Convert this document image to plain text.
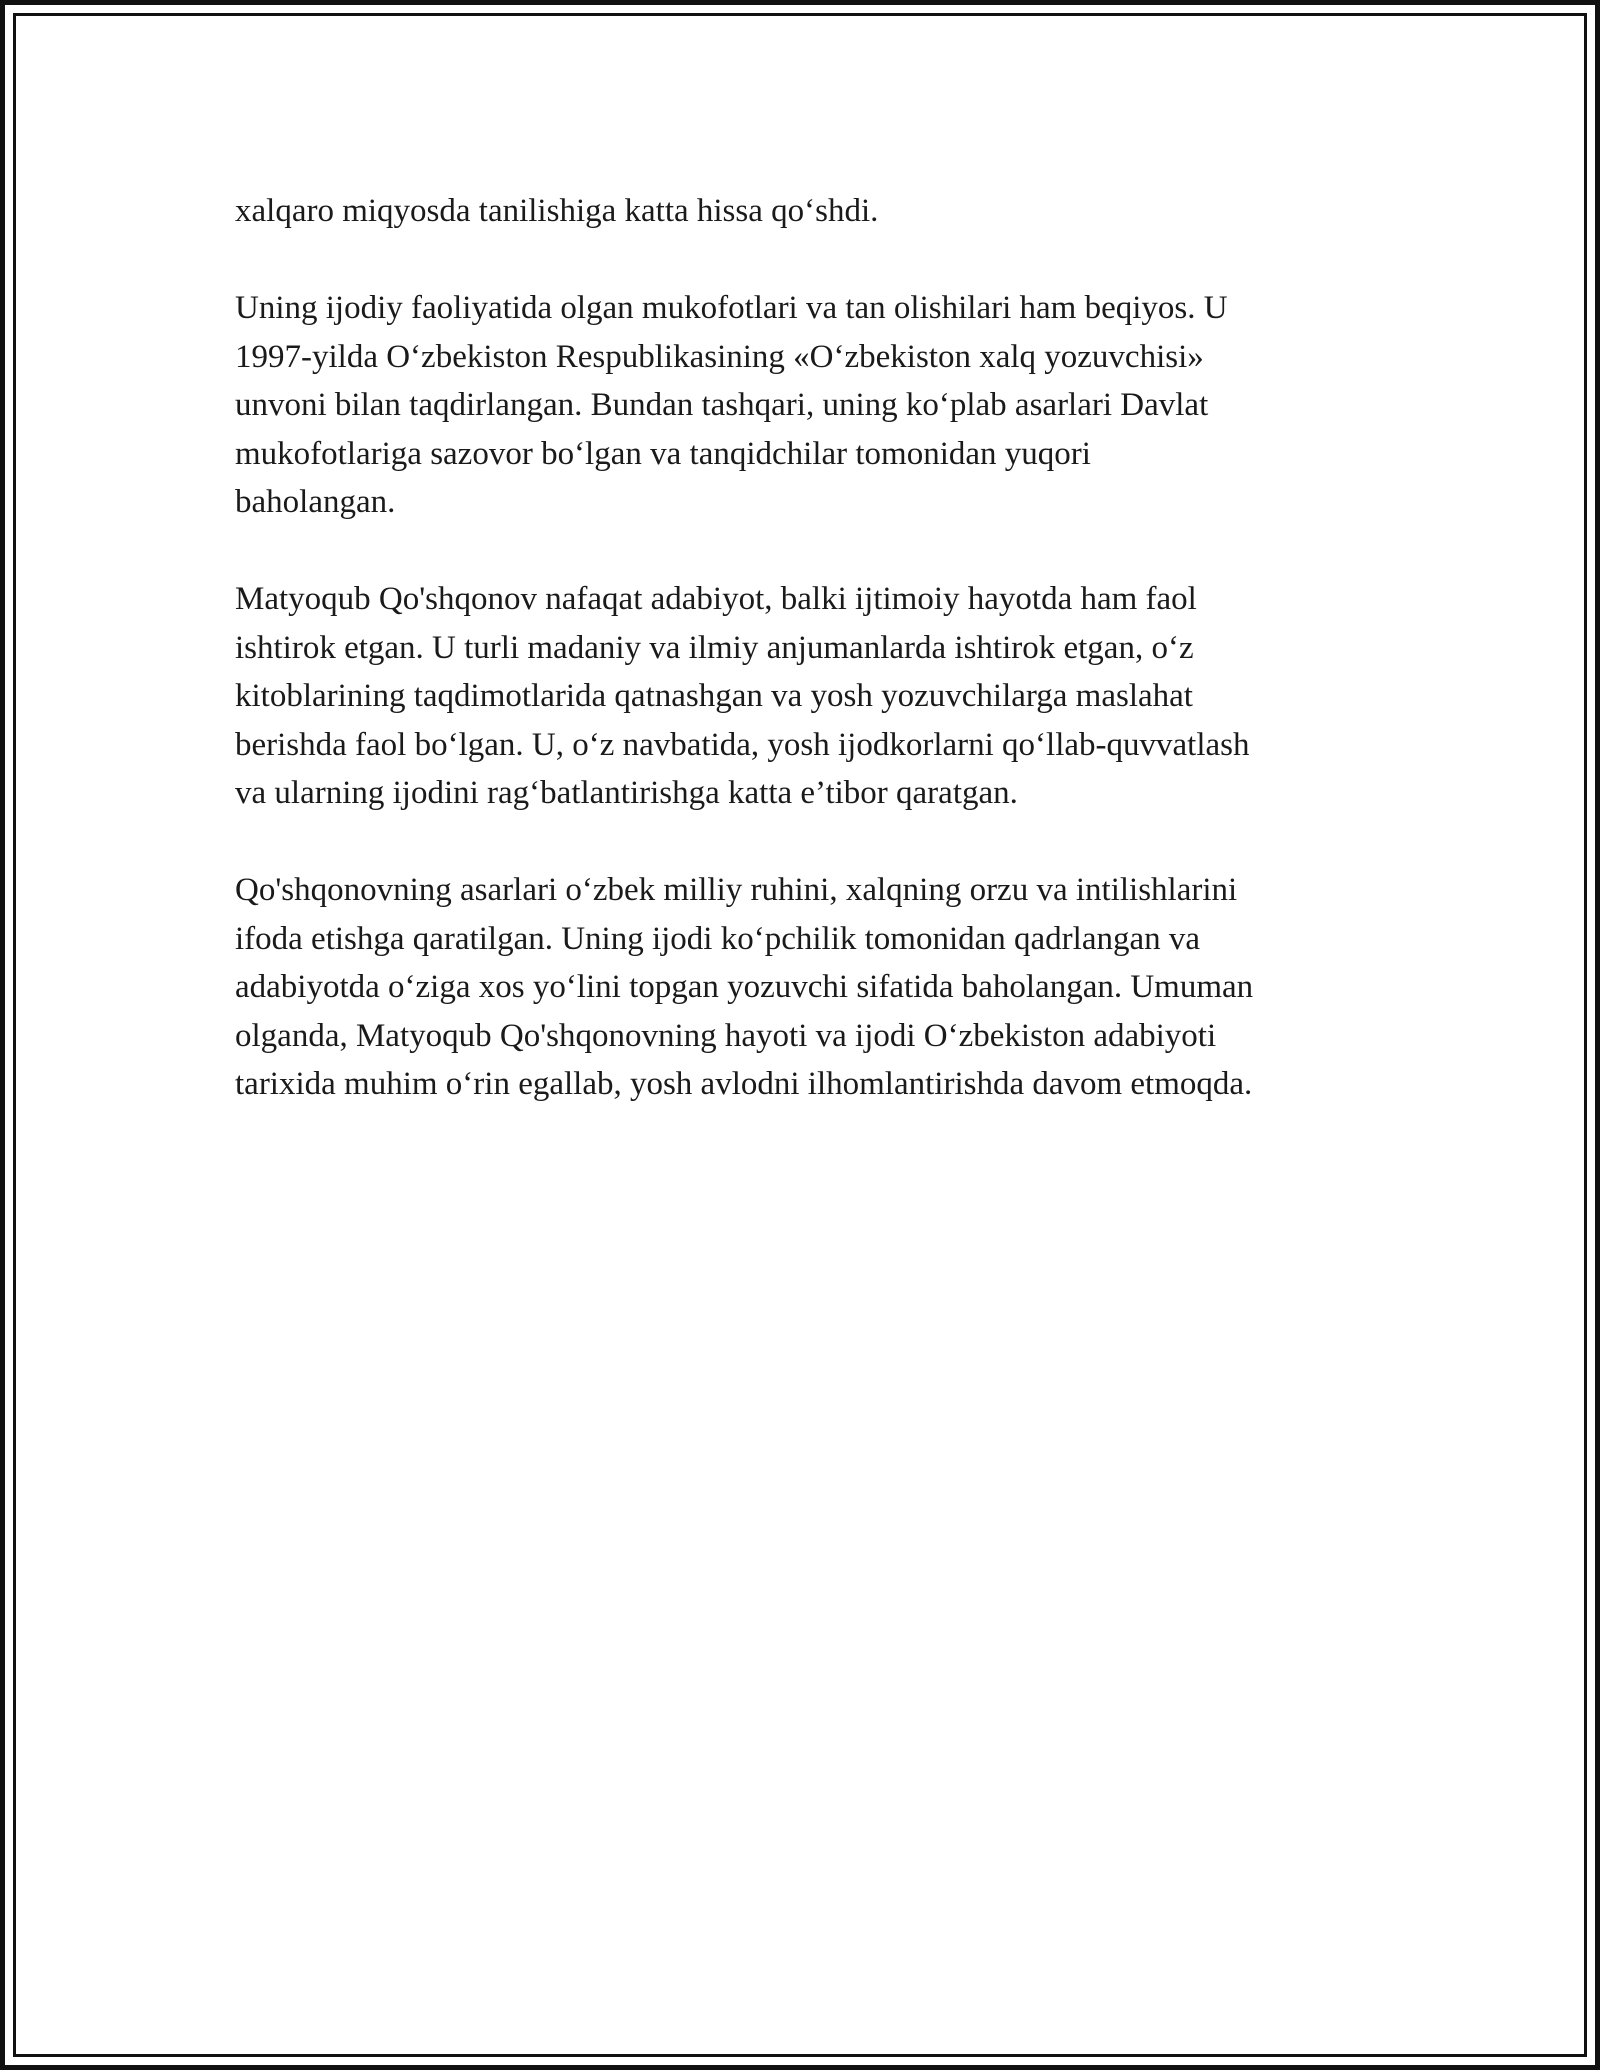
xalqaro miqyosda tanilishiga katta hissa qo‘shdi.

Uning ijodiy faoliyatida olgan mukofotlari va tan olishilari ham beqiyos. U
1997-yilda O‘zbekiston Respublikasining «O‘zbekiston xalq yozuvchisi»
unvoni bilan taqdirlangan. Bundan tashqari, uning ko‘plab asarlari Davlat
mukofotlariga sazovor bo‘lgan va tanqidchilar tomonidan yuqori
baholangan.

Matyoqub Qo'shqonov nafaqat adabiyot, balki ijtimoiy hayotda ham faol
ishtirok etgan. U turli madaniy va ilmiy anjumanlarda ishtirok etgan, o‘z
kitoblarining taqdimotlarida qatnashgan va yosh yozuvchilarga maslahat
berishda faol bo‘lgan. U, o‘z navbatida, yosh ijodkorlarni qo‘llab-quvvatlash
va ularning ijodini rag‘batlantirishga katta e’tibor qaratgan.

Qo'shqonovning asarlari o‘zbek milliy ruhini, xalqning orzu va intilishlarini
ifoda etishga qaratilgan. Uning ijodi ko‘pchilik tomonidan qadrlangan va
adabiyotda o‘ziga xos yo‘lini topgan yozuvchi sifatida baholangan. Umuman
olganda, Matyoqub Qo'shqonovning hayoti va ijodi O‘zbekiston adabiyoti
tarixida muhim o‘rin egallab, yosh avlodni ilhomlantirishda davom etmoqda.
